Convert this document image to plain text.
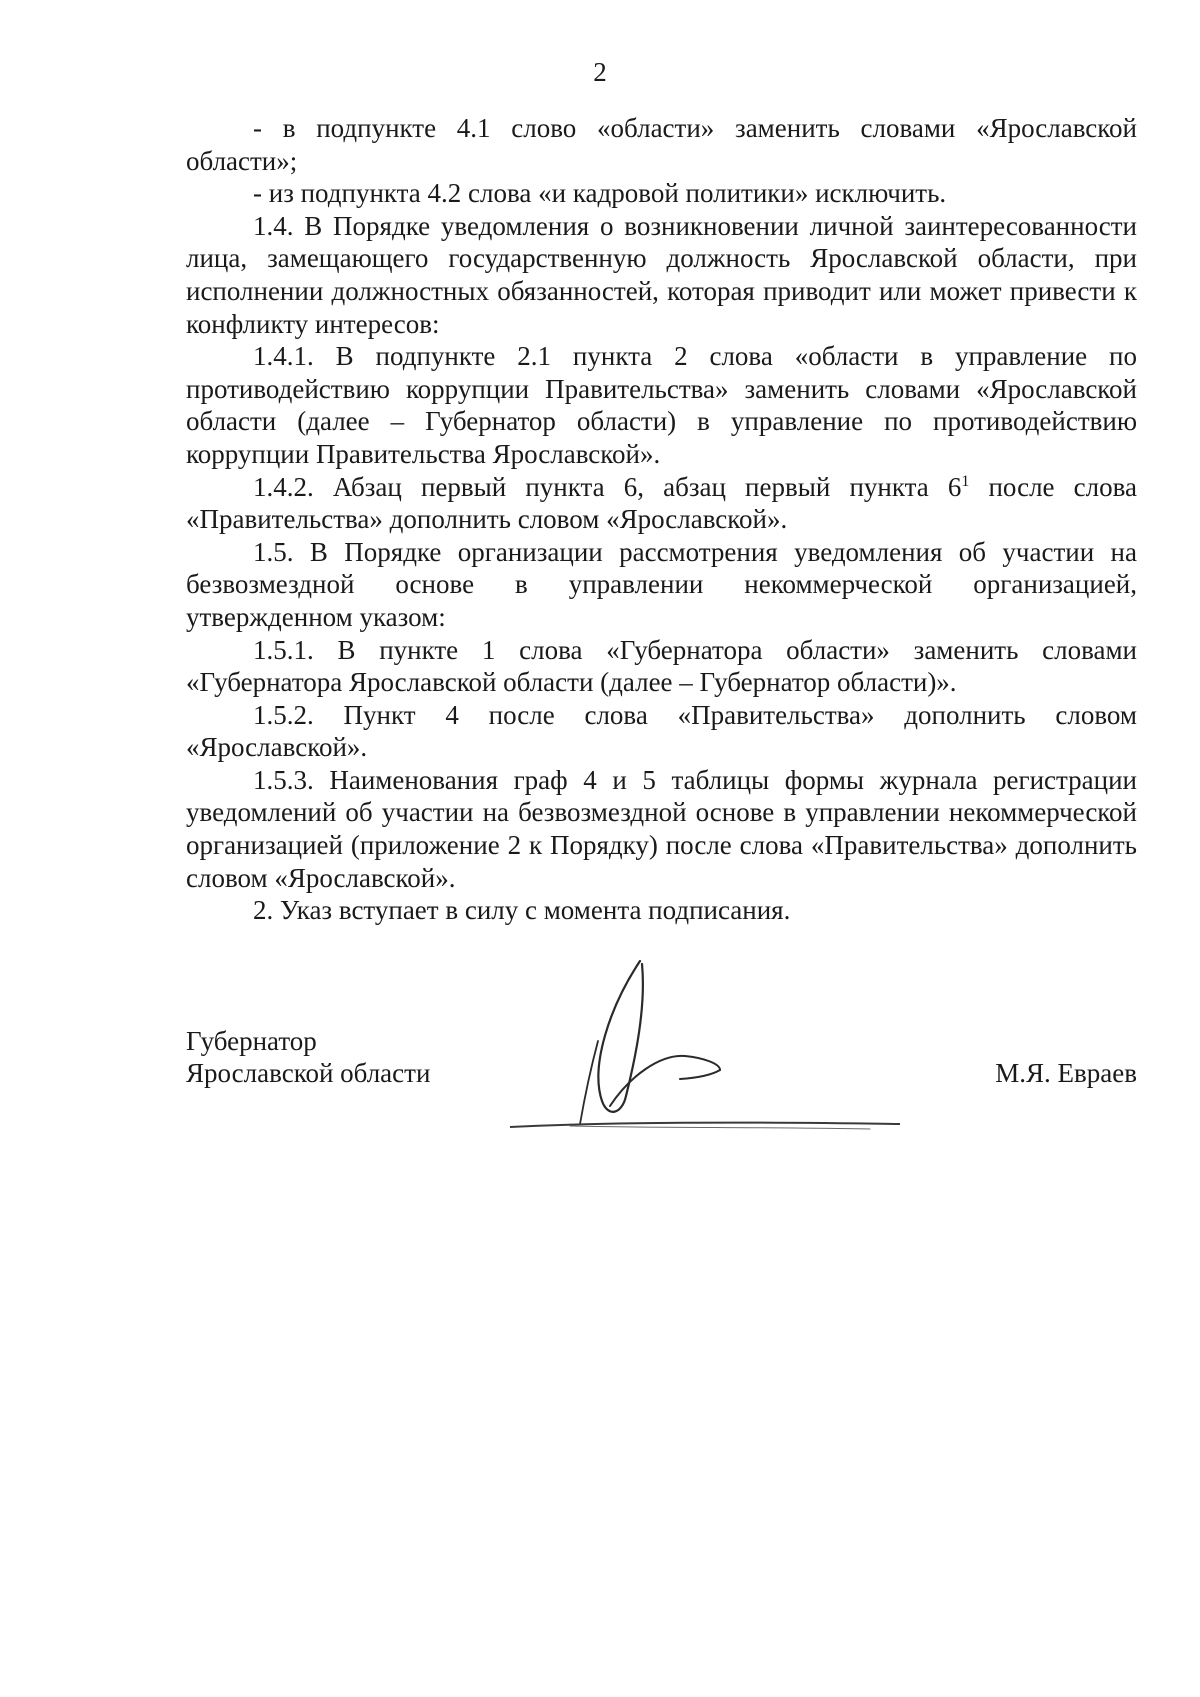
2

- в подпункте 4.1 слово «области» заменить словами «Ярославской области»;

- из подпункта 4.2 слова «и кадровой политики» исключить.

1.4. В Порядке уведомления о возникновении личной заинтересованности лица, замещающего государственную должность Ярославской области, при исполнении должностных обязанностей, которая приводит или может привести к конфликту интересов:

1.4.1. В подпункте 2.1 пункта 2 слова «области в управление по противодействию коррупции Правительства» заменить словами «Ярославской области (далее – Губернатор области) в управление по противодействию коррупции Правительства Ярославской».

1.4.2. Абзац первый пункта 6, абзац первый пункта $6^1$ после слова «Правительства» дополнить словом «Ярославской».

1.5. В Порядке организации рассмотрения уведомления об участии на безвозмездной основе в управлении некоммерческой организацией, утвержденном указом:

1.5.1. В пункте 1 слова «Губернатора области» заменить словами «Губернатора Ярославской области (далее – Губернатор области)».

1.5.2. Пункт 4 после слова «Правительства» дополнить словом «Ярославской».

1.5.3. Наименования граф 4 и 5 таблицы формы журнала регистрации уведомлений об участии на безвозмездной основе в управлении некоммерческой организацией (приложение 2 к Порядку) после слова «Правительства» дополнить словом «Ярославской».

2. Указ вступает в силу с момента подписания.

Губернатор
Ярославской области	М.Я. Евраев
